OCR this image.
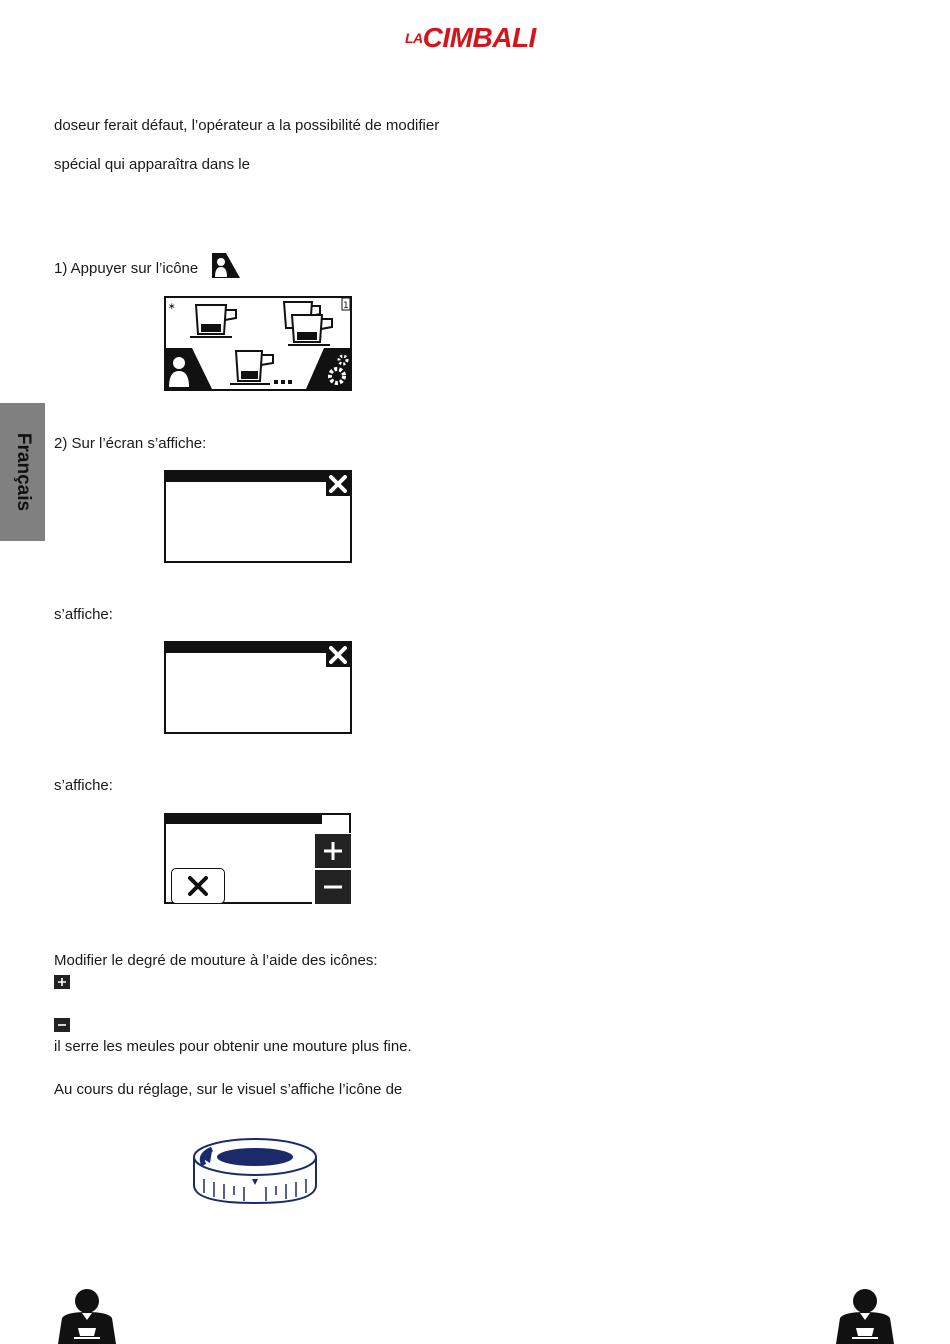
LACIMBALI
Français
doseur ferait défaut, l’opérateur a la possibilité de modifier
spécial qui apparaîtra dans le
1) Appuyer sur l’icône
∗	1
2) Sur l’écran s’affiche:
s’affiche:
s’affiche:
Modifier le degré de mouture à l’aide des icônes:
il serre les meules pour obtenir une mouture plus fine.
Au cours du réglage, sur le visuel s’affiche l’icône de
